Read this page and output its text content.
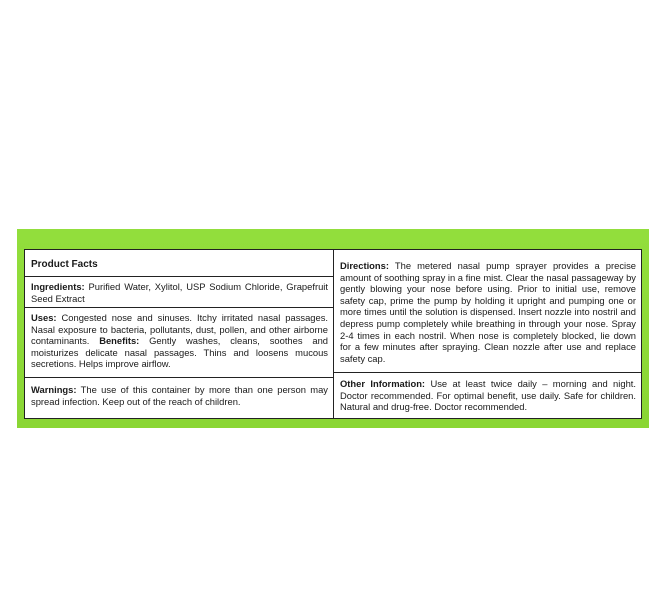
Product Facts

Ingredients: Purified Water, Xylitol, USP Sodium Chloride, Grapefruit Seed Extract

Uses: Congested nose and sinuses. Itchy irritated nasal passages. Nasal exposure to bacteria, pollutants, dust, pollen, and other airborne contaminants. Benefits: Gently washes, cleans, soothes and moisturizes delicate nasal passages. Thins and loosens mucous secretions. Helps improve airflow.

Warnings: The use of this container by more than one person may spread infection. Keep out of the reach of children.

Directions: The metered nasal pump sprayer provides a precise amount of soothing spray in a fine mist. Clear the nasal passageway by gently blowing your nose before using. Prior to initial use, remove safety cap, prime the pump by holding it upright and pumping one or more times until the solution is dispensed. Insert nozzle into nostril and depress pump completely while breathing in through your nose. Spray 2-4 times in each nostril. When nose is completely blocked, lie down for a few minutes after spraying. Clean nozzle after use and replace safety cap.

Other Information: Use at least twice daily – morning and night. Doctor recommended. For optimal benefit, use daily. Safe for children. Natural and drug-free. Doctor recommended.
